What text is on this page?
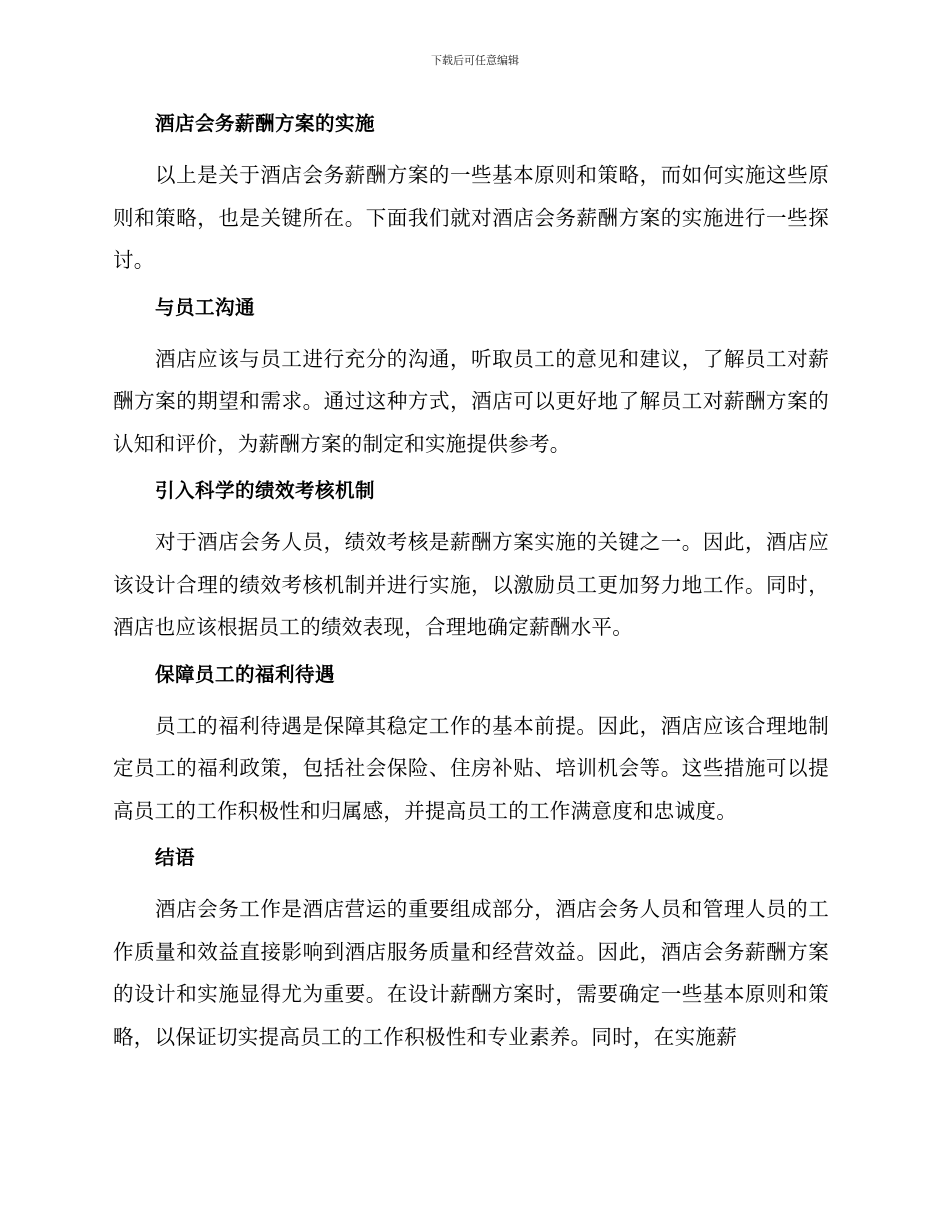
下载后可任意编辑
酒店会务薪酬方案的实施

以上是关于酒店会务薪酬方案的一些基本原则和策略，而如何实施这些原则和策略，也是关键所在。下面我们就对酒店会务薪酬方案的实施进行一些探讨。

与员工沟通

酒店应该与员工进行充分的沟通，听取员工的意见和建议，了解员工对薪酬方案的期望和需求。通过这种方式，酒店可以更好地了解员工对薪酬方案的认知和评价，为薪酬方案的制定和实施提供参考。

引入科学的绩效考核机制

对于酒店会务人员，绩效考核是薪酬方案实施的关键之一。因此，酒店应该设计合理的绩效考核机制并进行实施，以激励员工更加努力地工作。同时，酒店也应该根据员工的绩效表现，合理地确定薪酬水平。

保障员工的福利待遇

员工的福利待遇是保障其稳定工作的基本前提。因此，酒店应该合理地制定员工的福利政策，包括社会保险、住房补贴、培训机会等。这些措施可以提高员工的工作积极性和归属感，并提高员工的工作满意度和忠诚度。

结语

酒店会务工作是酒店营运的重要组成部分，酒店会务人员和管理人员的工作质量和效益直接影响到酒店服务质量和经营效益。因此，酒店会务薪酬方案的设计和实施显得尤为重要。在设计薪酬方案时，需要确定一些基本原则和策略，以保证切实提高员工的工作积极性和专业素养。同时，在实施薪
